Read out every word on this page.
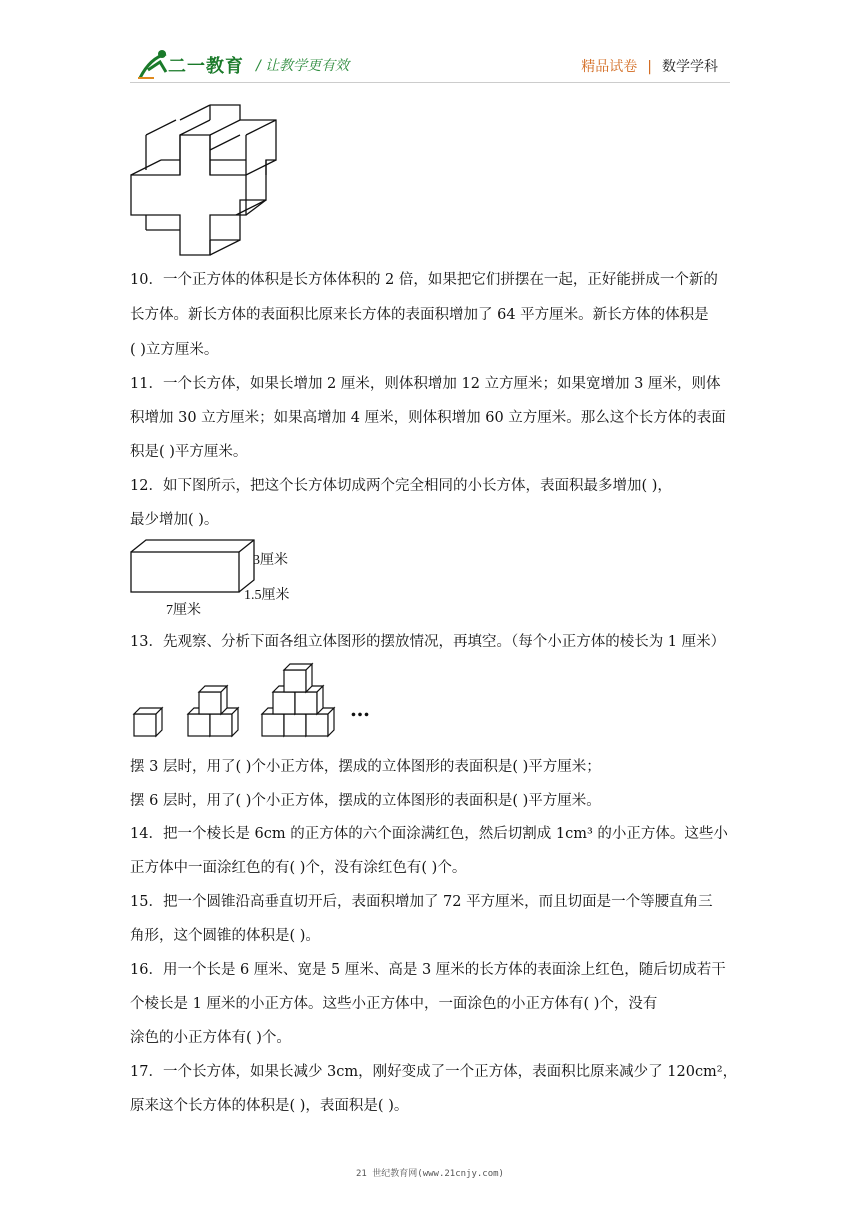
二一教育 / 让教学更有效	精品试卷 | 数学学科
10．一个正方体的体积是长方体体积的 2 倍，如果把它们拼摆在一起，正好能拼成一个新的
长方体。新长方体的表面积比原来长方体的表面积增加了 64 平方厘米。新长方体的体积是
( )立方厘米。
11．一个长方体，如果长增加 2 厘米，则体积增加 12 立方厘米；如果宽增加 3 厘米，则体
积增加 30 立方厘米；如果高增加 4 厘米，则体积增加 60 立方厘米。那么这个长方体的表面
积是( )平方厘米。
12．如下图所示，把这个长方体切成两个完全相同的小长方体，表面积最多增加( )，
最少增加( )。
3厘米
1.5厘米
7厘米
13．先观察、分析下面各组立体图形的摆放情况，再填空。（每个小正方体的棱长为 1 厘米）
…
摆 3 层时，用了( )个小正方体，摆成的立体图形的表面积是( )平方厘米；
摆 6 层时，用了( )个小正方体，摆成的立体图形的表面积是( )平方厘米。
14．把一个棱长是 6cm 的正方体的六个面涂满红色，然后切割成 1cm³ 的小正方体。这些小
正方体中一面涂红色的有( )个，没有涂红色有( )个。
15．把一个圆锥沿高垂直切开后，表面积增加了 72 平方厘米，而且切面是一个等腰直角三
角形，这个圆锥的体积是( )。
16．用一个长是 6 厘米、宽是 5 厘米、高是 3 厘米的长方体的表面涂上红色，随后切成若干
个棱长是 1 厘米的小正方体。这些小正方体中，一面涂色的小正方体有( )个，没有
涂色的小正方体有( )个。
17．一个长方体，如果长减少 3cm，刚好变成了一个正方体，表面积比原来减少了 120cm²，
原来这个长方体的体积是( )，表面积是( )。
21 世纪教育网(www.21cnjy.com)
